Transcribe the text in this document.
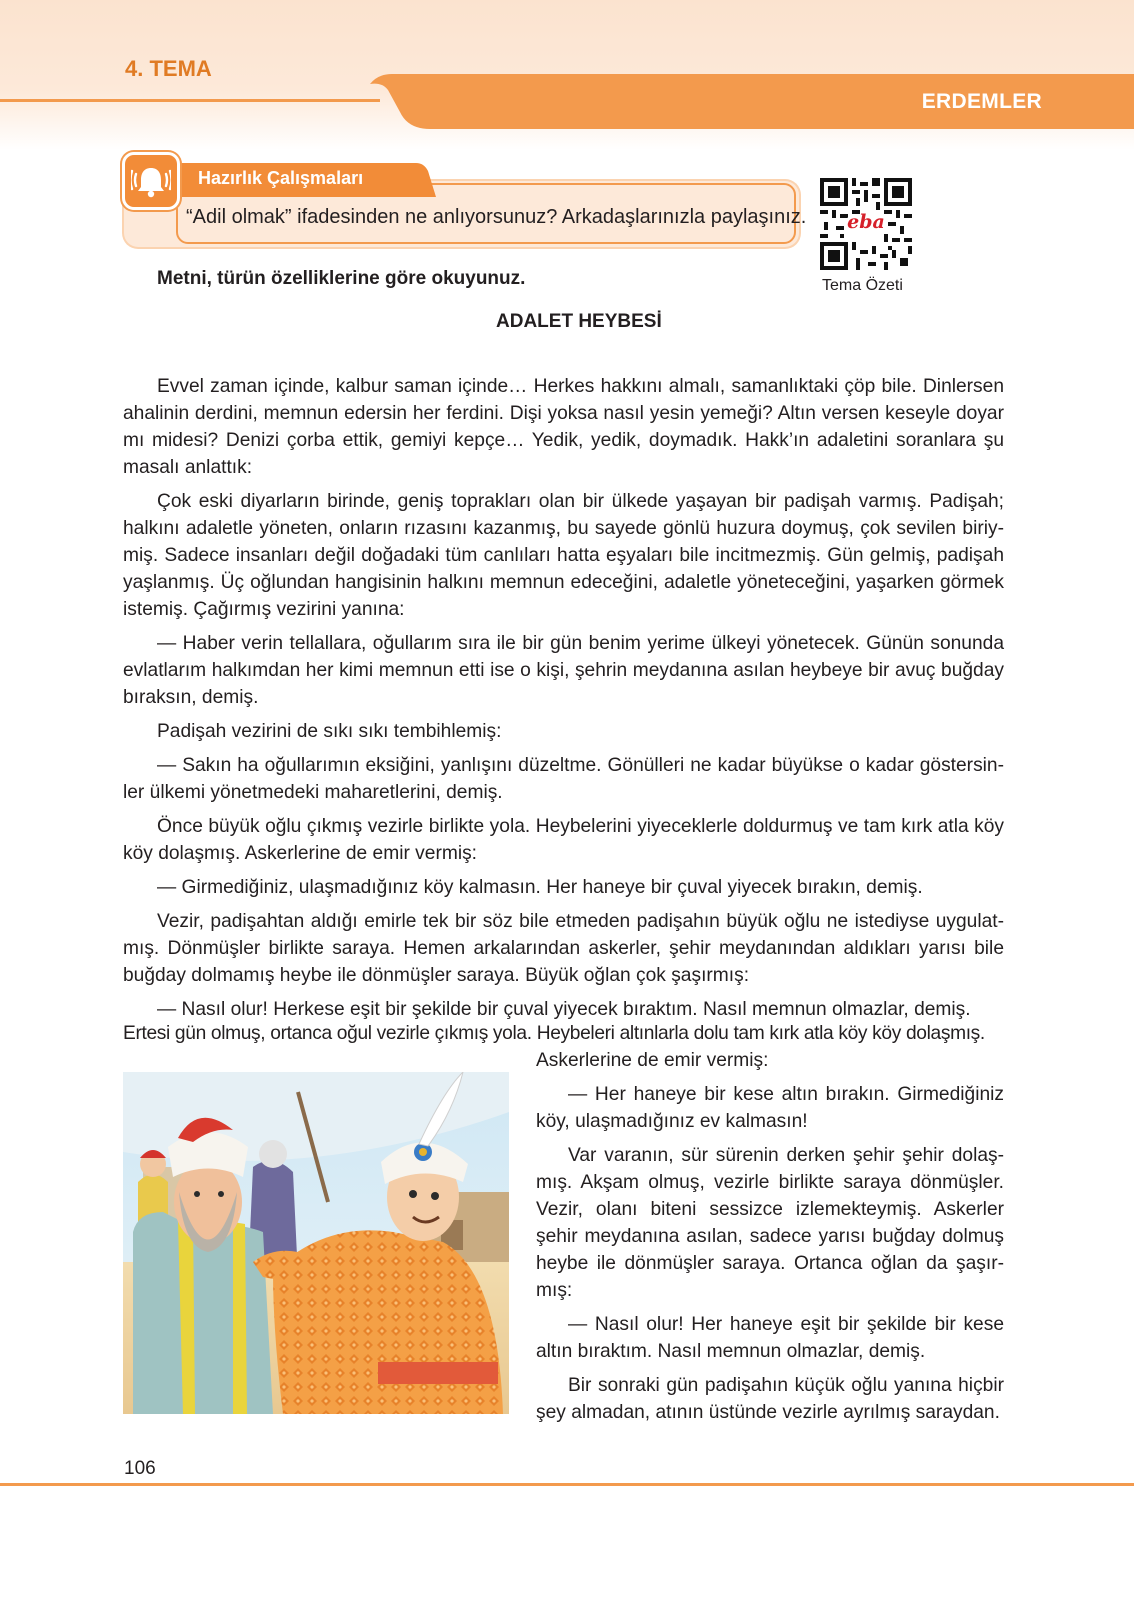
4. TEMA
ERDEMLER
Hazırlık Çalışmaları
“Adil olmak” ifadesinden ne anlıyorsunuz? Arkadaşlarınızla paylaşınız. eba
Tema Özeti
Metni, türün özelliklerine göre okuyunuz.
ADALET HEYBESİ

Evvel zaman içinde, kalbur saman içinde… Herkes hakkını almalı, samanlıktaki çöp bile. Dinlersen ahalinin derdini, memnun edersin her ferdini. Dişi yoksa nasıl yesin yemeği? Altın versen keseyle doyar mı midesi? Denizi çorba ettik, gemiyi kepçe… Yedik, yedik, doymadık. Hakk’ın adaletini soranlara şu masalı anlattık:

Çok eski diyarların birinde, geniş toprakları olan bir ülkede yaşayan bir padişah varmış. Padişah; halkını adaletle yöneten, onların rızasını kazanmış, bu sayede gönlü huzura doymuş, çok sevilen biriymiş. Sadece insanları değil doğadaki tüm canlıları hatta eşyaları bile incitmezmiş. Gün gelmiş, padişah yaşlanmış. Üç oğlundan hangisinin halkını memnun edeceğini, adaletle yöneteceğini, yaşarken görmek istemiş. Çağırmış vezirini yanına:

— Haber verin tellallara, oğullarım sıra ile bir gün benim yerime ülkeyi yönetecek. Günün sonunda evlatlarım halkımdan her kimi memnun etti ise o kişi, şehrin meydanına asılan heybeye bir avuç buğday bıraksın, demiş.

Padişah vezirini de sıkı sıkı tembihlemiş:

— Sakın ha oğullarımın eksiğini, yanlışını düzeltme. Gönülleri ne kadar büyükse o kadar göstersinler ülkemi yönetmedeki maharetlerini, demiş.

Önce büyük oğlu çıkmış vezirle birlikte yola. Heybelerini yiyeceklerle doldurmuş ve tam kırk atla köy köy dolaşmış. Askerlerine de emir vermiş:

— Girmediğiniz, ulaşmadığınız köy kalmasın. Her haneye bir çuval yiyecek bırakın, demiş.

Vezir, padişahtan aldığı emirle tek bir söz bile etmeden padişahın büyük oğlu ne istediyse uygulatmış. Dönmüşler birlikte saraya. Hemen arkalarından askerler, şehir meydanından aldıkları yarısı bile buğday dolmamış heybe ile dönmüşler saraya. Büyük oğlan çok şaşırmış:

— Nasıl olur! Herkese eşit bir şekilde bir çuval yiyecek bıraktım. Nasıl memnun olmazlar, demiş.

Ertesi gün olmuş, ortanca oğul vezirle çıkmış yola. Heybeleri altınlarla dolu tam kırk atla köy köy dolaşmış.

Askerlerine de emir vermiş:

— Her haneye bir kese altın bırakın. Girmediğiniz köy, ulaşmadığınız ev kalmasın!

Var varanın, sür sürenin derken şehir şehir dolaşmış. Akşam olmuş, vezirle birlikte saraya dönmüşler. Vezir, olanı biteni sessizce izlemekteymiş. Askerler şehir meydanına asılan, sadece yarısı buğday dolmuş heybe ile dönmüşler saraya. Ortanca oğlan da şaşırmış:

— Nasıl olur! Her haneye eşit bir şekilde bir kese altın bıraktım. Nasıl memnun olmazlar, demiş.

Bir sonraki gün padişahın küçük oğlu yanına hiçbir şey almadan, atının üstünde vezirle ayrılmış saraydan.

106
